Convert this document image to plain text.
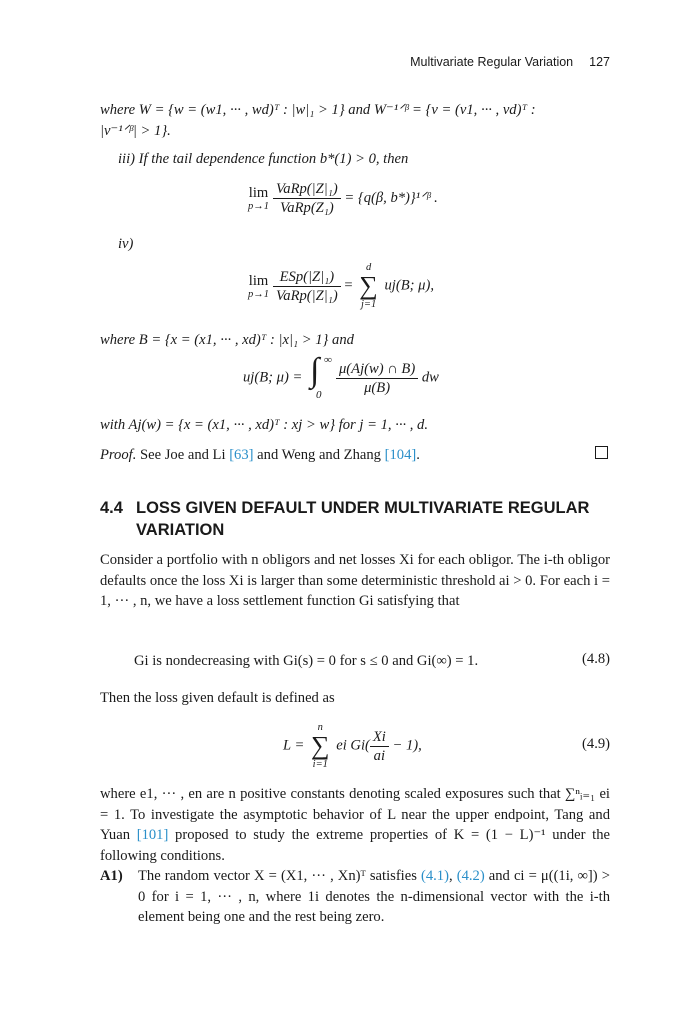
Multivariate Regular Variation 127
where W = {w = (w1, ··· , wd)ᵀ : |w|₁ > 1} and W⁻¹ᐟᵝ = {v = (v1, ··· , vd)ᵀ :
|v⁻¹ᐟᵝ| > 1}.
iii) If the tail dependence function b*(1) > 0, then
lim
$p\to 1 \frac{\text{VaRp(|Z|₁)}}{\text{VaRp(Z₁)}} = \{q(\beta$, b*)}¹ᐟᵝ .
iv)
lim
$p\to 1 \frac{\text{ESp(|Z|₁)}}{\text{VaRp(|Z|₁)}}$ =
d
∑
j=1
uj(B; μ),
where B = {x = (x1, ··· , xd)ᵀ : |x|₁ > 1} and
uj(B; μ) = ∫ ∞
$0 \frac{\mu(Aj(w) \cap B)}{\mu(B)}$ dw
with Aj(w) = {x = (x1, ··· , xd)ᵀ : xj > w} for j = 1, ··· , d.
Proof. See Joe and Li [63] and Weng and Zhang [104].
4.4 LOSS GIVEN DEFAULT UNDER MULTIVARIATE REGULAR
VARIATION
Consider a portfolio with n obligors and net losses Xi for each obligor. The i-th obligor defaults once the loss Xi is larger than some deterministic threshold ai > 0. For each i = 1, ··· , n, we have a loss settlement function Gi satisfying that
Gi is nondecreasing with Gi(s) = 0 for s ≤ 0 and Gi(∞) = 1.	(4.8)
Then the loss given default is defined as
L =
n
∑
i=1
ei $Gi( \frac{Xi}{ai} - 1)$,	(4.9)
where e1, ··· , en are n positive constants denoting scaled exposures such that ∑ⁿᵢ₌₁ ei = 1. To investigate the asymptotic behavior of L near the upper endpoint, Tang and Yuan [101] proposed to study the extreme properties of K = (1 − L)⁻¹ under the following conditions.
A1)	The random vector X = (X1, ··· , Xn)ᵀ satisfies (4.1), (4.2) and ci = μ((1i, ∞]) > 0 for i = 1, ··· , n, where 1i denotes the n-dimensional vector with the i-th element being one and the rest being zero.
